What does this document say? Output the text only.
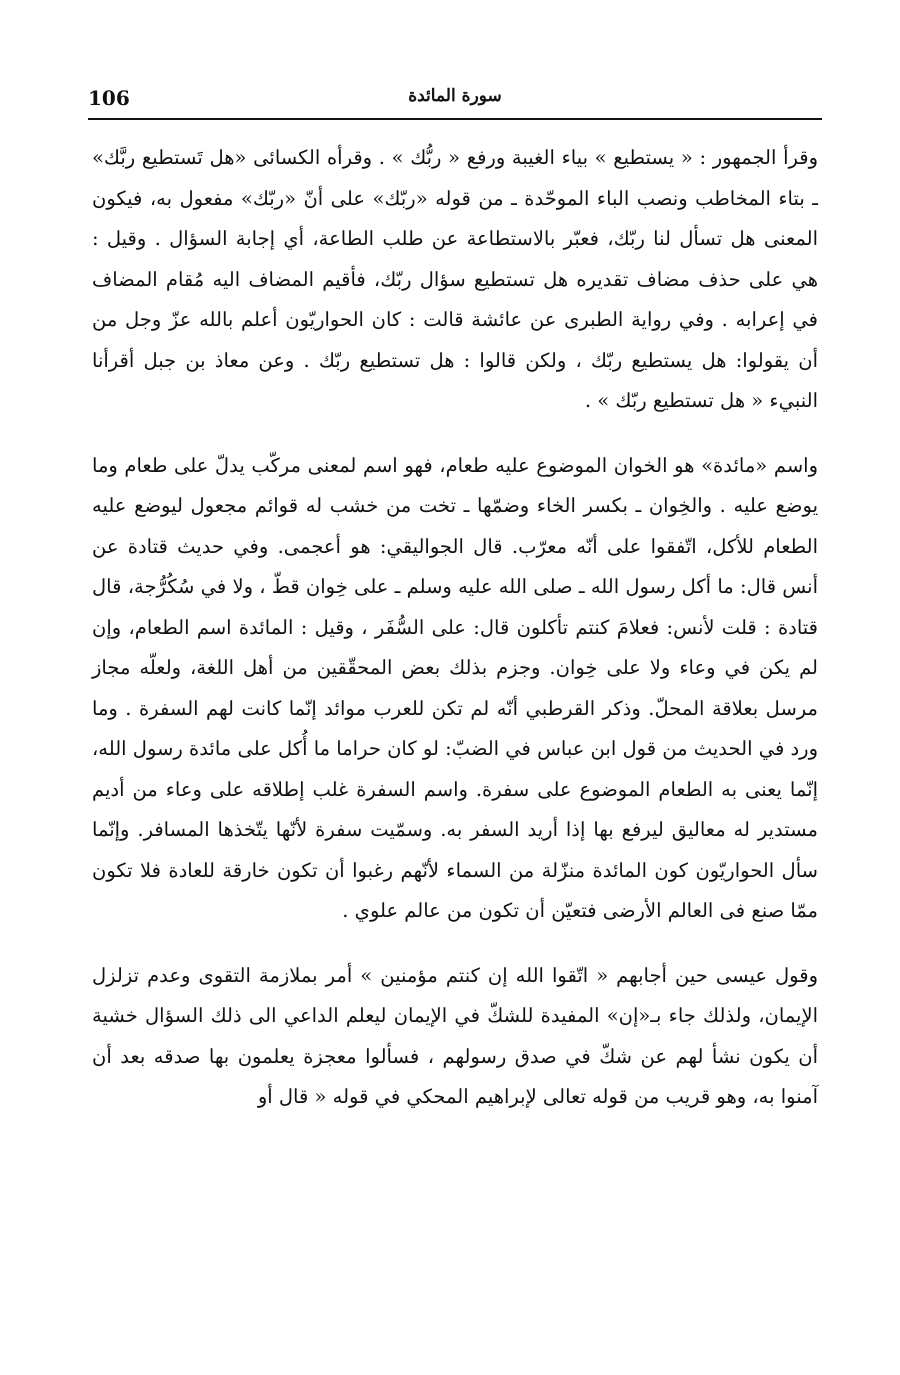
106	سورة المائدة

وقرأ الجمهور : « يستطيع » بياء الغيبة ورفع « ربُّك » . وقرأه الكسائى «هل تَستطيع ربَّك» ـ بتاء المخاطب ونصب الباء الموحّدة ـ من قوله «ربّك» على أنّ «ربّك» مفعول به، فيكون المعنى هل تسأل لنا ربّك، فعبّر بالاستطاعة عن طلب الطاعة، أي إجابة السؤال . وقيل : هي على حذف مضاف تقديره هل تستطيع سؤال ربّك، فأقيم المضاف اليه مُقام المضاف في إعرابه . وفي رواية الطبرى عن عائشة قالت : كان الحواريّون أعلم بالله عزّ وجل من أن يقولوا: هل يستطيع ربّك ، ولكن قالوا : هل تستطيع ربّك . وعن معاذ بن جبل أقرأنا النبيء « هل تستطيع ربّك » .

واسم «مائدة» هو الخوان الموضوع عليه طعام، فهو اسم لمعنى مركّب يدلّ على طعام وما يوضع عليه . والخِوان ـ بكسر الخاء وضمّها ـ تخت من خشب له قوائم مجعول ليوضع عليه الطعام للأكل، اتّفقوا على أنّه معرّب. قال الجواليقي: هو أعجمى. وفي حديث قتادة عن أنس قال: ما أكل رسول الله ـ صلى الله عليه وسلم ـ على خِوان قطّ ، ولا في سُكُرُّجة، قال قتادة : قلت لأنس: فعلامَ كنتم تأكلون قال: على السُّفَر ، وقيل : المائدة اسم الطعام، وإن لم يكن في وعاء ولا على خِوان. وجزم بذلك بعض المحقّقين من أهل اللغة، ولعلّه مجاز مرسل بعلاقة المحلّ. وذكر القرطبي أنّه لم تكن للعرب موائد إنّما كانت لهم السفرة . وما ورد في الحديث من قول ابن عباس في الضبّ: لو كان حراما ما أُكل على مائدة رسول الله، إنّما يعنى به الطعام الموضوع على سفرة. واسم السفرة غلب إطلاقه على وعاء من أديم مستدير له معاليق ليرفع بها إذا أريد السفر به. وسمّيت سفرة لأنّها يتّخذها المسافر. وإنّما سأل الحواريّون كون المائدة منزّلة من السماء لأنّهم رغبوا أن تكون خارقة للعادة فلا تكون ممّا صنع فى العالم الأرضى فتعيّن أن تكون من عالم علوي .

وقول عيسى حين أجابهم « اتّقوا الله إن كنتم مؤمنين » أمر بملازمة التقوى وعدم تزلزل الإيمان، ولذلك جاء بـ«إن» المفيدة للشكّ في الإيمان ليعلم الداعي الى ذلك السؤال خشية أن يكون نشأ لهم عن شكّ في صدق رسولهم ، فسألوا معجزة يعلمون بها صدقه بعد أن آمنوا به، وهو قريب من قوله تعالى لإبراهيم المحكي في قوله « قال أو
